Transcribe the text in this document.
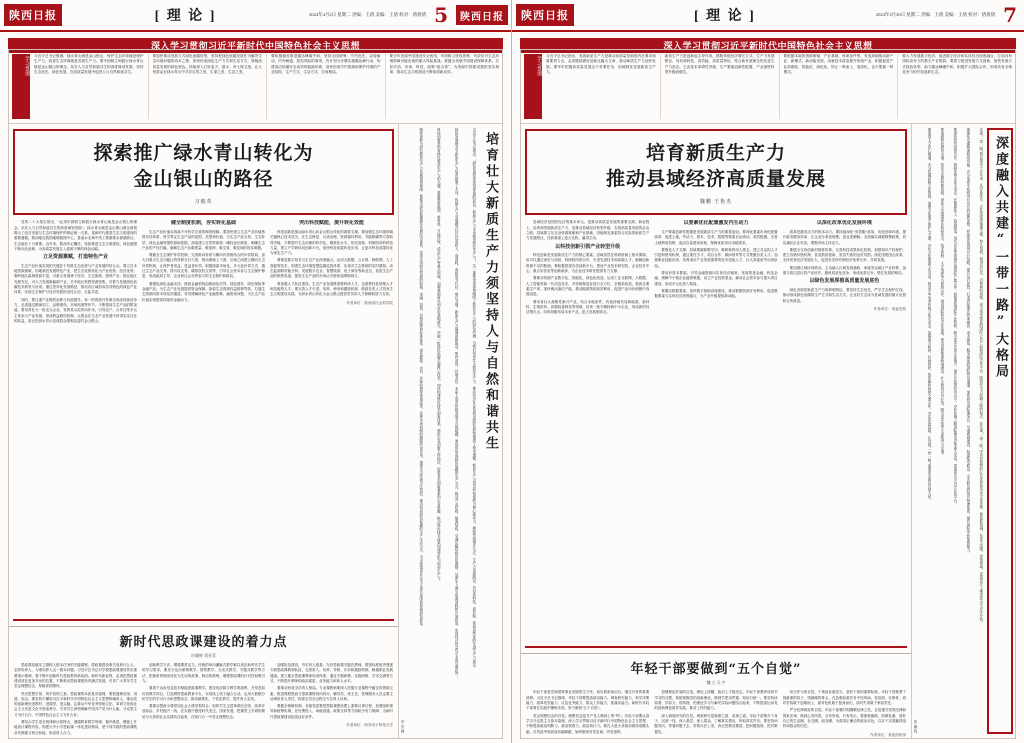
陕西日报	[ 理 论 ]	2024年4月2日 星期二 责编：王倩 美编：王倩 校对：倩倩倩 5	陕西日报
深入学习贯彻习近平新时代中国特色社会主义思想
学习贯彻 习近平总书记强调，绿水青山就是金山银山，保护生态环境就是保护生产力，改善生态环境就是发展生产力。要牢固树立和践行绿水青山就是金山银山的理念，站在人与自然和谐共生的高度谋划发展，坚持生态优先、绿色发展，在高质量发展中促进人与自然和谐共生。
要加快推动发展方式绿色低碳转型，坚持把绿色低碳发展作为解决生态环境问题的治本之策，加快形成绿色生产方式和生活方式，厚植高质量发展的绿色底色。持续深入打好蓝天、碧水、净土保卫战，让人民群众在绿水青山中共享自然之美、生命之美、生活之美。
要积极稳妥推进碳达峰碳中和，坚持全国统筹、节约优先、双轮驱动、内外畅通、防范风险的原则，有计划分步骤实施碳达峰行动，构建清洁低碳安全高效的能源体系，加快形成节约资源和保护环境的产业结构、生产方式、生活方式、空间格局。
要守牢美丽中国建设安全底线，牢固树立底线思维，有效应对生态环境领域可能出现的重大风险挑战。要健全美丽中国建设保障体系，打好法治、市场、科技、政策“组合拳”，为美丽中国建设提供坚实保障，推动生态文明建设不断取得新成效。
探索推广绿水青山转化为
金山银山的路径
习俊英

党的二十大报告指出，“必须牢固树立和践行绿水青山就是金山银山的理念，站在人与自然和谐共生的高度谋划发展”。绿水青山就是金山银山理念深刻揭示了经济发展与生态环境保护的辩证统一关系，是新时代推进生态文明建设的重要遵循。陕西地处我国地理版图中心，是南水北调中线工程重要水源涵养区，生态地位十分重要。近年来，陕西牢记嘱托，持续推进生态文明建设，绿色版图不断向北延伸，为高质量发展注入源源不断的绿色动能。

立足资源禀赋，打造特色产业

生态产品价值实现的关键在于找准生态优势与产业发展的结合点。要立足本地资源禀赋，因地制宜发展特色产业，把生态优势转化为产业优势、经济优势。秦岭地区森林资源丰富，可重点发展林下经济、生态旅游、康养产业；陕北地区光照充足，可大力发展新能源产业；关中地区科教资源密集，可着力发展绿色低碳技术研发与应用。通过差异化发展路径，推动各区域形成各具特色的绿色产业体系，实现生态保护与经济发展的良性互动、互促共进。

同时，要注重产业链的延伸与价值提升。单一的资源开发难以形成持续竞争力，必须通过精深加工、品牌建设、市场拓展等环节，不断提高生态产品的附加值。要培育壮大一批龙头企业，发挥其示范带动作用，引导农户、合作社等多元主体参与产业发展，形成利益联结机制，让群众在生态产业发展中获得实实在在的收益，真正把绿水青山变成群众增收致富的金山银山。

健全制度机制，夯实转化基础

生态产品价值实现离不开科学完善的制度保障。要加快建立生态产品价值核算评估体系，科学界定生态产品的范围、类型和价值，为生态产品交易、生态补偿、绿色金融等提供基础依据。探索建立自然资源统一确权登记制度，明晰生态产品的产权归属，破解生态产品难度量、难抵押、难交易、难变现的现实难题。

要健全生态保护补偿机制，完善纵向补偿与横向补偿相结合的补偿格局。加大对重点生态功能区的转移支付力度，推动流域上下游、区域之间建立横向生态补偿机制，让保护者受益、受益者补偿。积极探索市场化、多元化补偿方式，通过生态产品交易、排污权交易、碳排放权交易等，引导社会资本参与生态保护修复，形成政府主导、企业和社会各界参与的生态保护新格局。

要强化绿色金融支持。鼓励金融机构创新绿色信贷、绿色债券、绿色保险等金融产品，为生态产业发展提供资金保障。探索生态资源权益抵押贷款，打通生态资源向资本转化的通道，有效缓解绿色产业融资难、融资贵问题，为生态产品价值实现提供持续的金融动力。

突出科技赋能，提升转化效能

科技创新是推动绿水青山向金山银山转化的重要支撑。要加强生态环境领域关键核心技术攻关，在生态修复、污染治理、资源循环利用、节能降碳等方面取得突破，不断提升生态治理的科学化、精准化水平。依托高校、科研院所的科技力量，建立产学研协同创新平台，加快科技成果转化应用，让更多科技成果转化为现实生产力。

要推进数字技术与生态产业深度融合。运用大数据、云计算、物联网、人工智能等技术，构建生态环境智慧监测监管体系，实现对生态系统的实时感知、动态监测和智能分析。发展数字农业、智慧旅游、电子商务等新业态，拓宽生态产品的销售渠道，提高生态产品的市场认可度和品牌影响力。

要加强人才队伍建设。生态产业发展既需要科研人才，也需要经营管理人才和技能型人才。要完善人才引进、培养、使用和激励机制，鼓励各类人才投身生态文明建设实践，为绿水青山转化为金山银山提供坚实的人才保障和智力支持。

作者单位：陕西省社会科学院
新时代思政课建设的着力点
许晓婷 刘亚菲

思政课是落实立德树人根本任务的关键课程，思政课建设事关培养什么人、怎样培养人、为谁培养人这一根本问题。习近平总书记对学校思政课建设作出重要指示强调，要不断开创新时代思政教育新局面。新时代新征程，必须把思政课建设放在更加突出的位置，不断推动思政课建设内涵式发展，引导广大青年学生坚定理想信念、厚植家国情怀。

突出思想引领，筑牢信仰之基。思政课的本质是讲道理，要把道理讲深、讲透、讲活。要坚持不懈用习近平新时代中国特色社会主义思想铸魂育人，推动党的创新理论进教材、进课堂、进头脑。注重从中华优秀传统文化、革命文化和社会主义先进文化中汲取养分，引导学生深刻理解中国共产党为什么能、马克思主义为什么行、中国特色社会主义为什么好。

要结合学生成长规律和认知特点，遵循教育教学规律，循序渐进、螺旋上升地设计课程内容，构建大中小学思政课一体化建设格局，使不同学段的思政课既各有侧重又相互衔接，形成育人合力。

创新教学方法，增强课堂活力。传统的单向灌输式教学难以适应新时代学生的学习需求。要充分运用案例教学、情景教学、互动式教学、专题式教学等方法，把抽象的理论转化为生动的故事、鲜活的案例，增强思政课的针对性和吸引力。

要善于运用信息技术赋能思政课教学。建设优质数字教学资源库，开发虚拟仿真教学项目，打造网络思政教育平台，实现线上线下融合互动。运用大数据分析学生的学习行为和思想动态，推动精准化、个性化教学，提升育人实效。

要推动思政小课堂同社会大课堂相结合。组织学生走进革命纪念馆、改革开放前沿、乡村振兴一线，在实践中感受时代变迁、国家发展，把课堂上学到的理论与火热的社会实践结合起来，在知行合一中坚定理想信念。

加强队伍建设，夯实育人根基。办好思政课关键在教师。要按标准配齐建强专职思政课教师队伍，完善准入、培养、考核、评价和激励机制，畅通职业发展通道。建立健全思政课教师培训体系，通过专题研修、实践研修、学术交流等方式，不断提升教师的政治素质、业务能力和育人水平。

要推动形成全员育人格局。专业课教师要深入挖掘专业课程中蕴含的思政元素，推进课程思政与思政课程同向同行。辅导员、班主任、管理服务人员也要主动承担育人责任，构建全员全过程全方位育人体系。

要健全保障机制。各级党委要把思政课建设摆上重要议事日程，加强组织领导和统筹协调，在经费投入、场地设施、政策支持等方面给予有力保障，为新时代思政课建设创造良好条件。

作者单位：西安电子科技大学 李雪峰
制度创新为绿色新质生产力发展提供保障。要健全绿色低碳循环发展经济体系，完善支持绿色发展的财税、金融、投资、价格政策和标准体系。深化能源、水价、环保收费等领域改革，发挥市场机制的激励约束作用。加强生态环境分区管控，推动形成绿色低碳的生产生活方式，为全面建设社会主义现代化国家厚植绿色底色。	科技创新是培育绿色新质生产力的关键。要聚焦新能源、新材料、节能环保、清洁生产等重点领域，加强基础研究和应用基础研究，突破一批绿色低碳关键核心技术。加快构建绿色技术创新体系，强化企业创新主体地位，促进各类创新要素向企业集聚，推动绿色技术成果加速转化为现实生产力。	绿色发展理念为新质生产力培育指明了方向。传统生产力发展模式往往以高投入、高消耗、高排放为代价，难以为继。新质生产力强调创新驱动、集约高效、环境友好，本质上是对传统发展方式的超越。要加快形成绿色低碳的生产方式，推动产业结构、能源结构、交通运输结构优化调整，从源头上减少资源消耗和污染排放，实现经济效益与生态效益的统一。	习近平总书记指出，“绿色发展是高质量发展的底色，新质生产力本身就是绿色生产力”。这一重要论述深刻阐明了新质生产力的绿色内涵，为我们培育壮大新质生产力、推动经济社会发展全面绿色转型提供了根本遵循。新质生产力是以科技创新为核心驱动力，摆脱传统增长方式、生产力发展路径，具有高科技、高效能、高质量特征的先进生产力质态。 培育壮大新质生产力须坚持人与自然和谐共生
陕西日报	[ 理 论 ]	2024年3月26日 星期二 责编：王倩 美编：王倩 校对：倩倩倩 7
深入学习贯彻习近平新时代中国特色社会主义思想
学习贯彻 习近平总书记指出，发展新质生产力是推动高质量发展的内在要求和重要着力点，必须继续做好创新这篇大文章，推动新质生产力加快发展。要牢牢把握高质量发展这个首要任务，因地制宜发展新质生产力。
新质生产力是创新起主导作用，摆脱传统经济增长方式、生产力发展路径，具有高科技、高效能、高质量特征，符合新发展理念的先进生产力质态。它由技术革命性突破、生产要素创新性配置、产业深度转型升级而催生。
要根据本地的资源禀赋、产业基础、科研条件等，有选择地推动新产业、新模式、新动能发展，用新技术改造提升传统产业，积极促进产业高端化、智能化、绿色化，防止一哄而上、泡沫化，也不要搞一种模式。
要大力发展数字经济，促进数字经济和实体经济深度融合，打造具有国际竞争力的数字产业集群。要着力推进发展方式创新，加快发展方式绿色转型，助力碳达峰碳中和，积极扩大国际合作，形成具有全球竞争力的开放创新生态。
培育新质生产力
推动县域经济高质量发展
魏鹏 王艳杰

县域经济是国民经济的基本单元，是推动高质量发展的重要支撑。新征程上，培育和发展新质生产力，是推动县域经济转型升级、实现高质量发展的必由之路。县域要立足自身资源禀赋和产业基础，因地制宜探索符合实际的新质生产力发展路径，在新赛道上抢占先机、赢得主动。

以科技创新引领产业转型升级

科技创新是发展新质生产力的核心要素。县域虽然在科研资源上相对薄弱，但可以通过深化与高校、科研院所的合作，引进先进技术和高端人才，破解创新资源不足的瓶颈。要积极搭建各类创新平台，建设产业技术研究院、企业技术中心、重点实验室等创新载体，为企业技术研发提供有力支撑。

要推动传统产业数字化、智能化、绿色化改造。运用工业互联网、大数据、人工智能等新一代信息技术，对传统制造业进行全方位、全链条改造，提高全要素生产率。加快淘汰落后产能，推动能源资源高效利用，促进产业向价值链中高端迈进。

要培育壮大战略性新兴产业。结合本地条件，有选择地布局新能源、新材料、生物医药、高端装备制造等领域，培育一批专精特新中小企业，形成新的经济增长点。同时前瞻布局未来产业，抢占发展制高点。

以要素优化配置激发内生动力

生产要素创新性配置是发展新质生产力的重要途径。要深化要素市场化配置改革，促进土地、劳动力、资本、技术、数据等要素自由流动、高效配置。完善土地利用机制，盘活存量建设用地，保障优质项目用地需求。

要强化人才支撑。县域要破除唯学历、唯职称的用人观念，建立灵活的人才引进和使用机制，通过柔性引才、项目合作、顾问指导等方式集聚各类人才。加强职业技能培训，培养适应产业发展需要的技术技能人才，壮大高素质劳动者队伍。

要用好资本要素。引导金融资源向实体经济倾斜，发展普惠金融、科技金融，缓解中小微企业融资难题。设立产业投资基金，撬动社会资本参与重大项目建设，形成多元化投入格局。

要激活数据要素。加快数字基础设施建设，推动数据资源开发利用，促进数据要素与实体经济深度融合，为产业升级提供新动能。

以深化改革优化发展环境

改革是激发活力的根本动力。要持续深化“放管服”改革，优化营商环境，提升政务服务效率，让企业办事更便捷、创业更顺畅。全面落实减税降费政策，切实减轻企业负担，增强市场主体活力。

要健全支持创新的制度体系。完善科技成果转化机制，加强知识产权保护，建立容错纠错机制，营造鼓励创新、宽容失败的良好氛围。深化国资国企改革，支持民营经济发展壮大，促进各类所有制经济优势互补、共同发展。

要加强区域协同联动。主动融入区域发展战略，承接发达地区产业转移，加强与周边县区的产业协作，避免同质化竞争，形成优势互补、错位发展的格局。

以绿色发展厚植高质量发展底色

绿色发展是新质生产力的鲜明特征。要坚持生态优先，严守生态保护红线，推动形成绿色低碳的生产方式和生活方式，让良好生态成为县域发展的最大优势和宝贵财富。

作者单位：省委党校
年轻干部要做到“五个自觉”
魏 立 天 宇

年轻干部是党和国家事业发展的生力军，肩负着承前启后、继往开来的重要使命。习近平总书记强调，年轻干部要提高政治能力、调查研究能力、科学决策能力、改革攻坚能力、应急处突能力、群众工作能力、抓落实能力。新时代年轻干部要在实践中锤炼本领，努力做到“五个自觉”。

坚定理想信念的自觉。理想信念是共产党人精神上的“钙”。年轻干部要认真学习马克思主义基本原理，深入学习贯彻习近平新时代中国特色社会主义思想，不断提高政治判断力、政治领悟力、政治执行力。要在大是大非面前保持清醒头脑，在风浪考验面前站稳脚跟，始终做到对党忠诚、听党指挥。

加强理论武装的自觉。理论上清醒，政治上才能坚定。年轻干部要养成读书学习的习惯，系统掌握党的创新理论，做到学思用贯通、知信行统一。要坚持读原著、学原文、悟原理，把理论学习与解决实际问题结合起来，不断提高运用党的创新理论指导实践、推动工作的能力。

深入调查研究的自觉。调查研究是谋事之基、成事之道。年轻干部要扑下身子、沉到一线，深入基层、深入群众，了解真实情况，听取真实声音。要坚持问题导向，带着问题下去，带着办法上来，真正把情况摸清、把问题找准、把对策提实。

担当作为的自觉。干事创业敢担当，是好干部的重要标准。年轻干部要勇于挑最重的担子、啃最硬的骨头，在急难险重任务中经风雨、见世面、壮筋骨。面对矛盾敢于迎难而上，面对危机敢于挺身而出，面对失误敢于承担责任。

严守纪律规矩的自觉。年轻干部要时刻绷紧纪律之弦，自觉遵守党的纪律和国家法律，做到心有所畏、言有所戒、行有所止。要慎独慎微、防微杜渐，管好自己的生活圈、社交圈、朋友圈，永葆清正廉洁的政治本色，以实干实绩赢得组织和群众的信任。

作者单位：省委组织部
张鹏程
要促进人文民心相通。充分挖掘丝路文化资源，加强文化遗产保护与交流，办好文化旅游节庆活动，推动中华优秀传统文化走出去。加强地方政府、民间组织、智库媒体间的交流合作，夯实民意基础，让共建“一带一路”成果更多惠及各国人民。	要加强科技教育交流。依托丰富的科教资源，深化与共建国家在科研攻关、技术转移、人才培养等方面的合作，建设国际科技合作基地，推动创新要素跨境流动。扩大教育对外开放，吸引更多留学生来陕学习交流。	要深化经贸投资合作。鼓励优势企业走出去，在能源化工、装备制造、现代农业等领域开展国际产能合作。积极承接国际产业转移，吸引更多外资企业落户，提升开放型经济水平。办好丝绸之路国际博览会等重大活动，搭建高水平对外开放平台。	要强化交通物流枢纽功能。充分发挥中欧班列长安号的品牌优势，持续优化班列开行线路，提升运行质效，打造内陆地区效率最高、成本最低、服务最优的国际贸易通道。加快西安国际港务区、空港新城建设，构建陆空联运、多式联运的现代物流体系，提升国际中转集散能力。	共建“一带一路”倡议提出十多年来，从夯基垒台、立柱架梁到落地生根、持久发展，取得实打实、沉甸甸的成就，成为深受欢迎的国际公共产品和国际合作平台。陕西作为古丝绸之路的起点，在共建“一带一路”中具有独特的区位优势和历史文化优势，要抢抓机遇，在更大范围、更宽领域、更深层次上推进高水平对外开放。 深度融入共建“一带一路”大格局
